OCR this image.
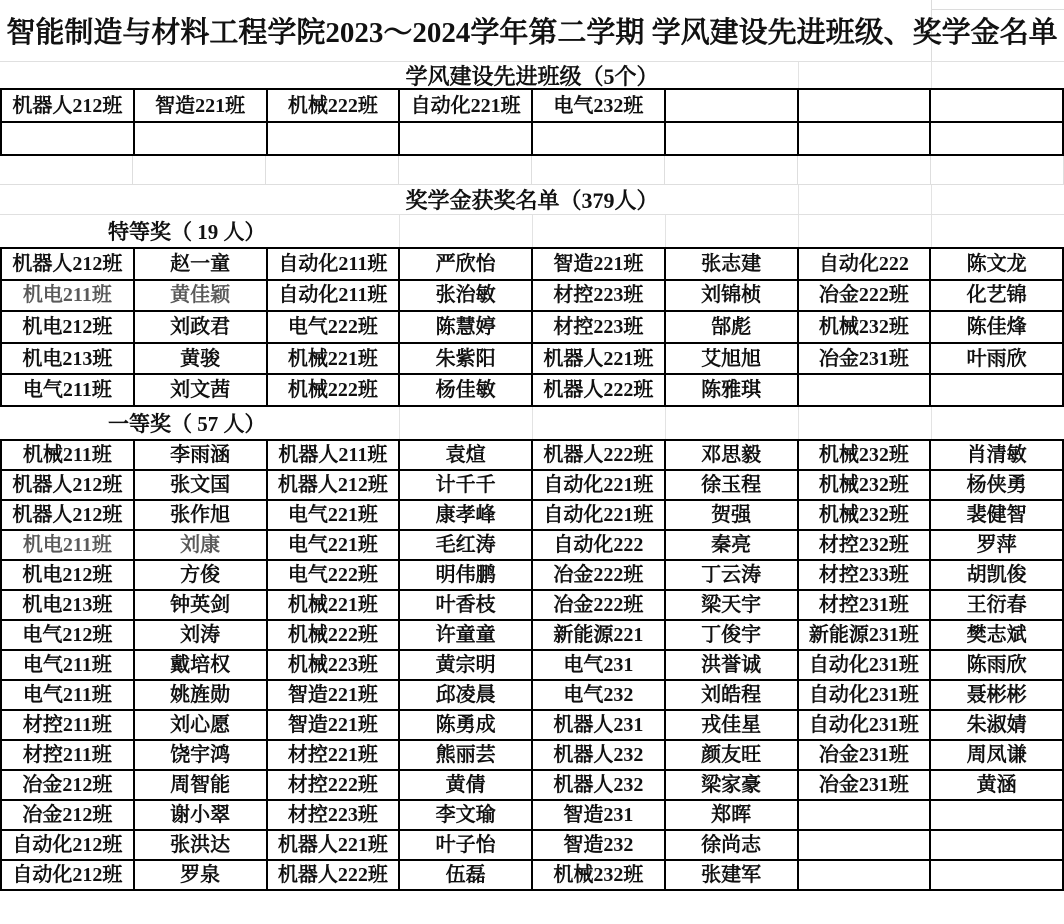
智能制造与材料工程学院2023～2024学年第二学期 学风建设先进班级、奖学金名单
学风建设先进班级（5个）
机器人212班	智造221班	机械222班	自动化221班	电气232班			

奖学金获奖名单（379人）
特等奖（ 19 人）
机器人212班	赵一童	自动化211班	严欣怡	智造221班	张志建	自动化222	陈文龙
机电211班	黄佳颖	自动化211班	张治敏	材控223班	刘锦桢	冶金222班	化艺锦
机电212班	刘政君	电气222班	陈慧婷	材控223班	郜彪	机械232班	陈佳烽
机电213班	黄骏	机械221班	朱紫阳	机器人221班	艾旭旭	冶金231班	叶雨欣
电气211班	刘文茜	机械222班	杨佳敏	机器人222班	陈雅琪		
一等奖（ 57 人）
机械211班	李雨涵	机器人211班	袁煊	机器人222班	邓思毅	机械232班	肖清敏
机器人212班	张文国	机器人212班	计千千	自动化221班	徐玉程	机械232班	杨侠勇
机器人212班	张作旭	电气221班	康孝峰	自动化221班	贺强	机械232班	裴健智
机电211班	刘康	电气221班	毛红涛	自动化222	秦亮	材控232班	罗萍
机电212班	方俊	电气222班	明伟鹏	冶金222班	丁云涛	材控233班	胡凯俊
机电213班	钟英剑	机械221班	叶香枝	冶金222班	梁天宇	材控231班	王衍春
电气212班	刘涛	机械222班	许童童	新能源221	丁俊宇	新能源231班	樊志斌
电气211班	戴培权	机械223班	黄宗明	电气231	洪誉诚	自动化231班	陈雨欣
电气211班	姚旌勋	智造221班	邱凌晨	电气232	刘皓程	自动化231班	聂彬彬
材控211班	刘心愿	智造221班	陈勇成	机器人231	戎佳星	自动化231班	朱淑婧
材控211班	饶宇鸿	材控221班	熊丽芸	机器人232	颜友旺	冶金231班	周凤谦
冶金212班	周智能	材控222班	黄倩	机器人232	梁家豪	冶金231班	黄涵
冶金212班	谢小翠	材控223班	李文瑜	智造231	郑晖		
自动化212班	张洪达	机器人221班	叶子怡	智造232	徐尚志		
自动化212班	罗泉	机器人222班	伍磊	机械232班	张建军		
